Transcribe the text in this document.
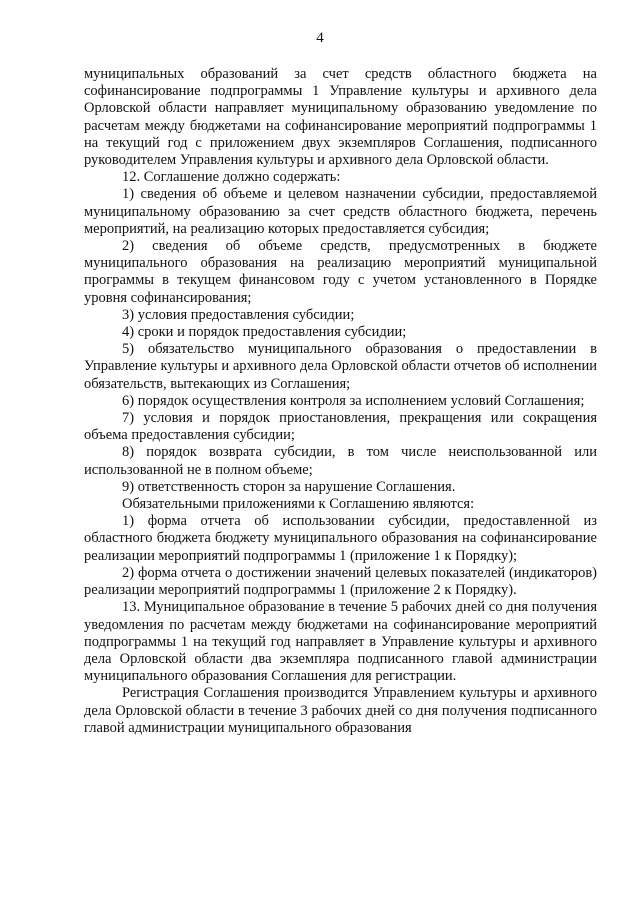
4

муниципальных образований за счет средств областного бюджета на софинансирование подпрограммы 1 Управление культуры и архивного дела Орловской области направляет муниципальному образованию уведомление по расчетам между бюджетами на софинансирование мероприятий подпрограммы 1 на текущий год с приложением двух экземпляров Соглашения, подписанного руководителем Управления культуры и архивного дела Орловской области.

12. Соглашение должно содержать:

1) сведения об объеме и целевом назначении субсидии, предоставляемой муниципальному образованию за счет средств областного бюджета, перечень мероприятий, на реализацию которых предоставляется субсидия;

2) сведения об объеме средств, предусмотренных в бюджете муниципального образования на реализацию мероприятий муниципальной программы в текущем финансовом году с учетом установленного в Порядке уровня софинансирования;

3) условия предоставления субсидии;

4) сроки и порядок предоставления субсидии;

5) обязательство муниципального образования о предоставлении в Управление культуры и архивного дела Орловской области отчетов об исполнении обязательств, вытекающих из Соглашения;

6) порядок осуществления контроля за исполнением условий Соглашения;

7) условия и порядок приостановления, прекращения или сокращения объема предоставления субсидии;

8) порядок возврата субсидии, в том числе неиспользованной или использованной не в полном объеме;

9) ответственность сторон за нарушение Соглашения.

Обязательными приложениями к Соглашению являются:

1) форма отчета об использовании субсидии, предоставленной из областного бюджета бюджету муниципального образования на софинансирование реализации мероприятий подпрограммы 1 (приложение 1 к Порядку);

2) форма отчета о достижении значений целевых показателей (индикаторов) реализации мероприятий подпрограммы 1 (приложение 2 к Порядку).

13. Муниципальное образование в течение 5 рабочих дней со дня получения уведомления по расчетам между бюджетами на софинансирование мероприятий подпрограммы 1 на текущий год направляет в Управление культуры и архивного дела Орловской области два экземпляра подписанного главой администрации муниципального образования Соглашения для регистрации.

Регистрация Соглашения производится Управлением культуры и архивного дела Орловской области в течение 3 рабочих дней со дня получения подписанного главой администрации муниципального образования
